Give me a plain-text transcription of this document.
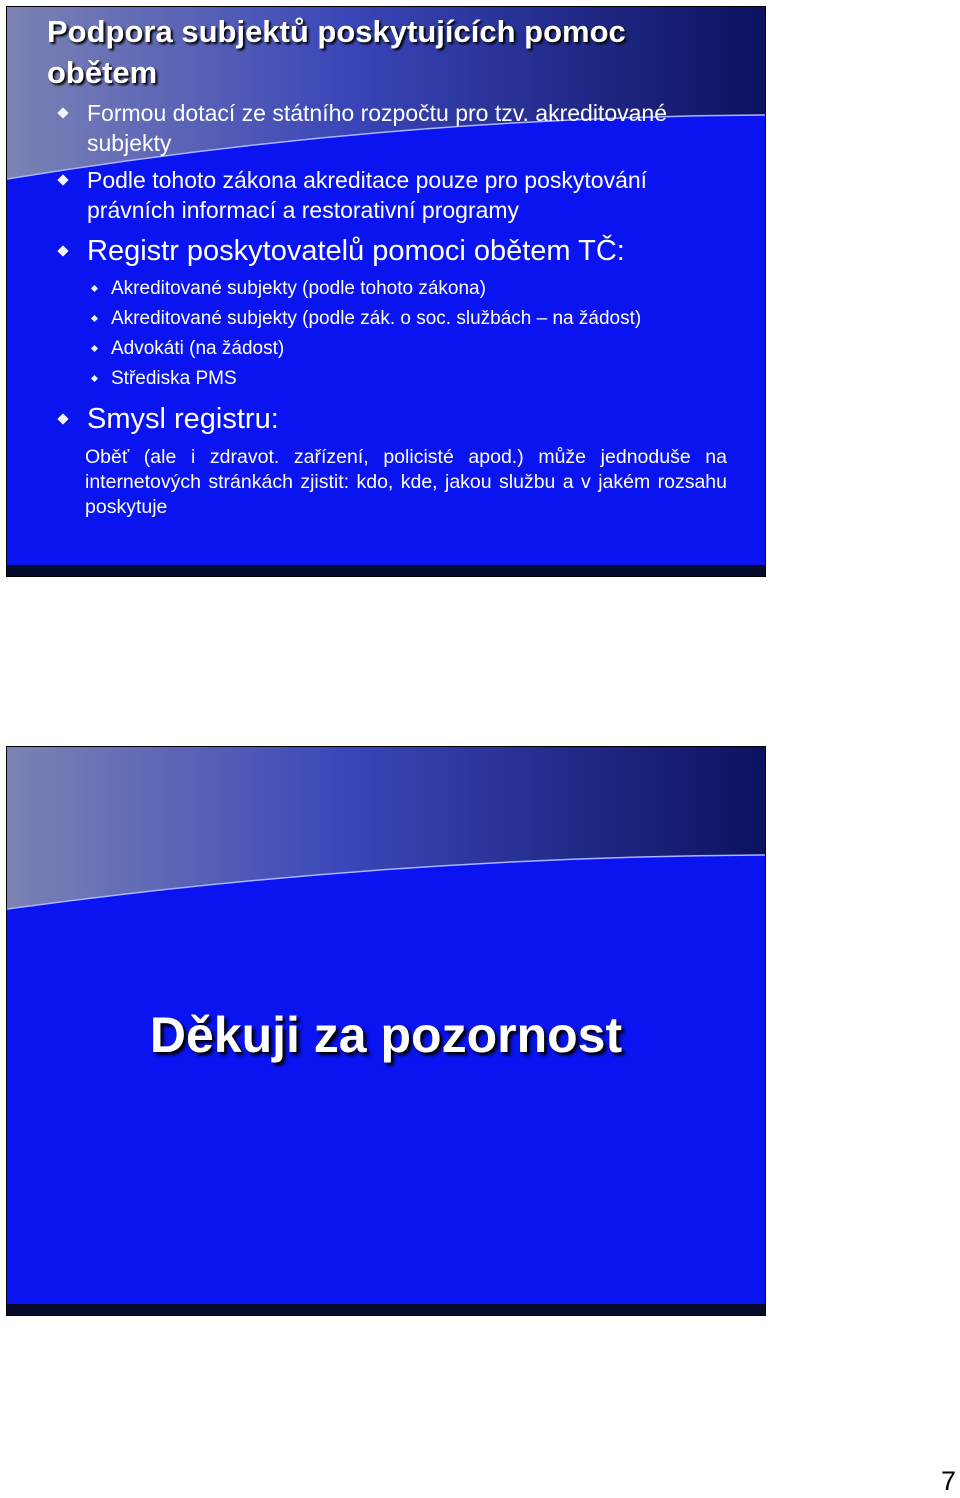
Podpora subjektů poskytujících pomoc obětem

Formou dotací ze státního rozpočtu pro tzv. akreditované subjekty

Podle tohoto zákona akreditace pouze pro poskytování právních informací a restorativní programy

Registr poskytovatelů pomoci obětem TČ:

Akreditované subjekty (podle tohoto zákona)

Akreditované subjekty (podle zák. o soc. službách – na žádost)

Advokáti (na žádost)

Střediska PMS

Smysl registru:

Oběť (ale i zdravot. zařízení, policisté apod.) může jednoduše na internetových stránkách zjistit: kdo, kde, jakou službu a v jakém rozsahu poskytuje

Děkuji za pozornost
7
